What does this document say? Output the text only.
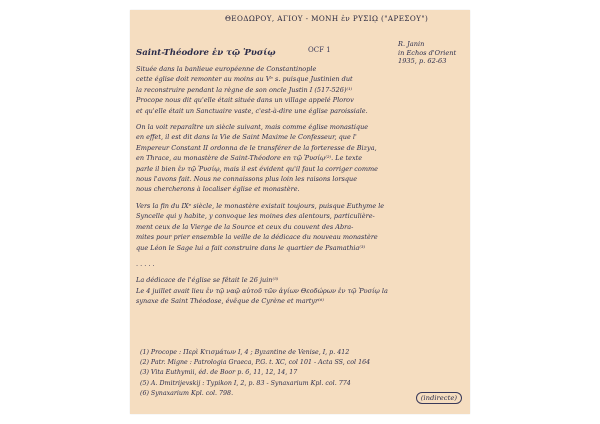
ΘΕΟΔΩΡΟΥ, ΑΓΙΟΥ - ΜΟΝΗ ἐν ΡΥΣΙῼ ("ΑΡΕΣΟΥ")
OCF 1
R. Janin
in Echos d'Orient
1935, p. 62-63
Saint-Théodore ἐν τῷ Ῥυσίῳ
Située dans la banlieue européenne de Constantinople
cette église doit remonter au moins au Vᵉ s. puisque Justinien dut
la reconstruire pendant la règne de son oncle Justin I (517-526)⁽¹⁾
Procope nous dit qu'elle était située dans un village appelé Plorov
et qu'elle était un Sanctuaire vaste, c'est-à-dire une église paroissiale.
On la voit reparaître un siècle suivant, mais comme église monastique
en effet, il est dit dans la Vie de Saint Maxime le Confesseur, que l'
Empereur Constant II ordonna de le transférer de la forteresse de Bizya,
en Thrace, au monastère de Saint-Théodore en τῷ Ῥυσίῳ⁽²⁾. Le texte
parle il bien ἐν τῷ Ῥυσίῳ, mais il est évident qu'il faut la corriger comme
nous l'avons fait. Nous ne connaissons plus loin les raisons lorsque
nous chercherons à localiser église et monastère.
Vers la fin du IXᵉ siècle, le monastère existait toujours, puisque Euthyme le
Syncelle qui y habite, y convoque les moines des alentours, particulière-
ment ceux de la Vierge de la Source et ceux du couvent des Abra-
mites pour prier ensemble la veille de la dédicace du nouveau monastère
que Léon le Sage lui a fait construire dans le quartier de Psamathia⁽³⁾
. . . . .
La dédicace de l'église se fêtait le 26 juin⁽⁵⁾
Le 4 juillet avait lieu ἐν τῷ ναῷ αὐτοῦ τῶν ἁγίων Θεοδώρων ἐν τῷ Ῥυσίῳ la
synaxe de Saint Théodose, évêque de Cyrène et martyr⁽⁶⁾
(1) Procope : Περὶ Κτισμάτων I, 4 ; Byzantine de Venise, I, p. 412
(2) Patr. Migne : Patrologia Graeca, P.G. t. XC, col 101 - Acta SS, col 164
(3) Vita Euthymii, éd. de Boor p. 6, 11, 12, 14, 17
(5) A. Dmitrijevskij : Typikon I, 2, p. 83 - Synaxarium Kpl. col. 774
(6) Synaxarium Kpl. col. 798.
(indirecte)
